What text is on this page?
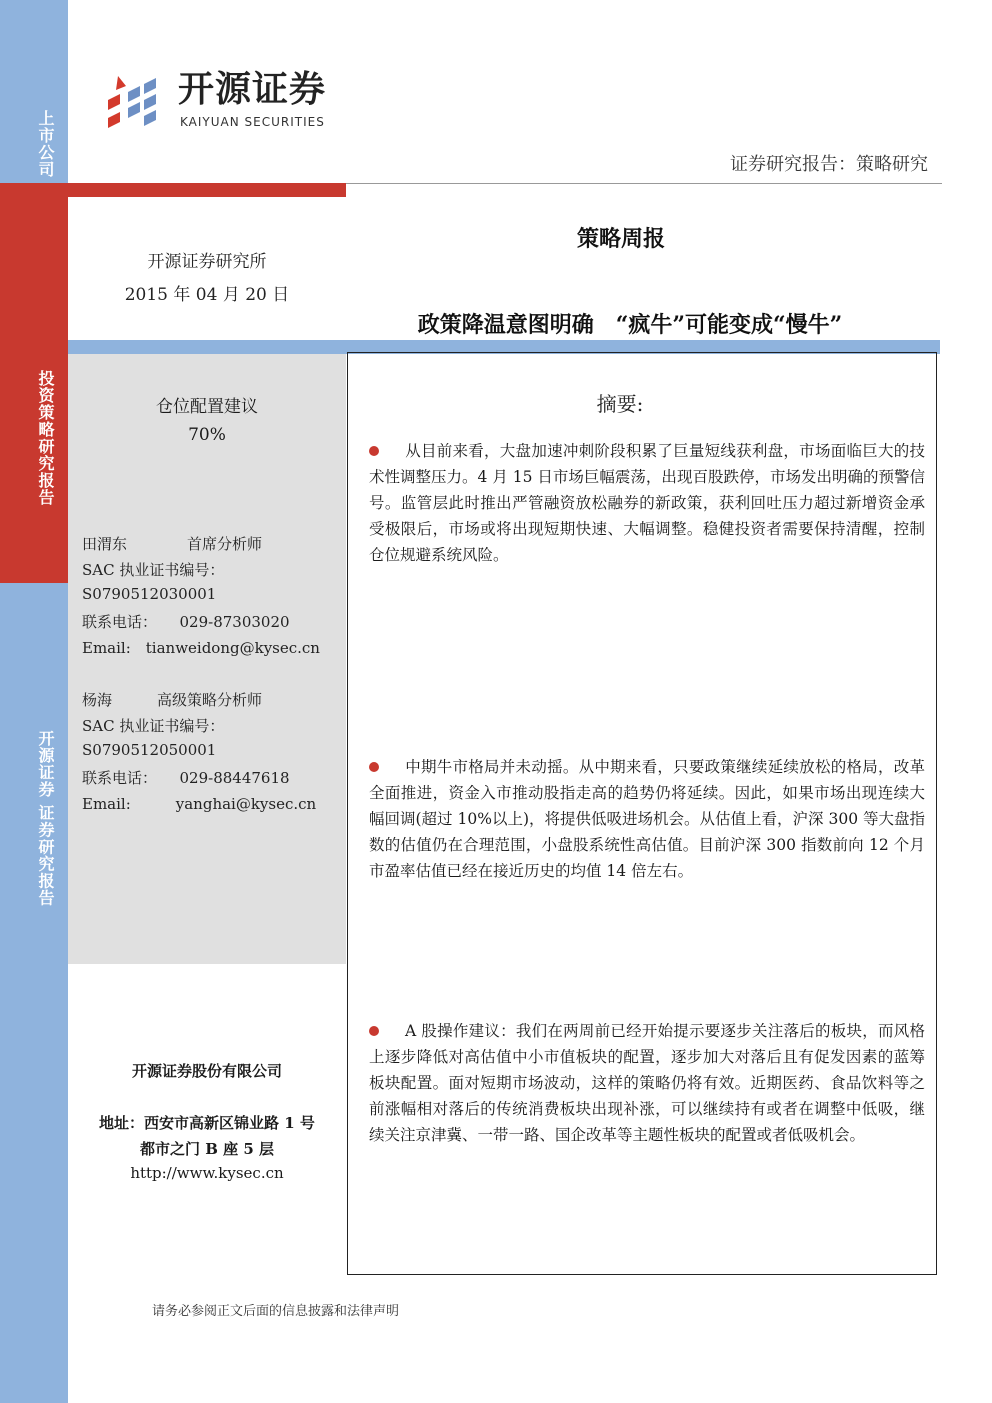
上市公司
投资策略研究报告
开源证券 证券研究报告
开源证券
KAIYUAN SECURITIES
证券研究报告：策略研究
开源证券研究所
2015 年 04 月 20 日
策略周报
政策降温意图明确　“疯牛”可能变成“慢牛”
仓位配置建议
70%
田渭东　　　　首席分析师
SAC 执业证书编号：
S0790512030001
联系电话：　　029-87303020
Email:　tianweidong@kysec.cn
杨海　　　高级策略分析师
SAC 执业证书编号：
S0790512050001
联系电话：　　029-88447618
Email:　　　yanghai@kysec.cn
开源证券股份有限公司
地址：西安市高新区锦业路 1 号
都市之门 B 座 5 层
http://www.kysec.cn
摘要:
从目前来看，大盘加速冲刺阶段积累了巨量短线获利盘，市场面临巨大的技术性调整压力。4 月 15 日市场巨幅震荡，出现百股跌停，市场发出明确的预警信号。监管层此时推出严管融资放松融券的新政策，获利回吐压力超过新增资金承受极限后，市场或将出现短期快速、大幅调整。稳健投资者需要保持清醒，控制仓位规避系统风险。
中期牛市格局并未动摇。从中期来看，只要政策继续延续放松的格局，改革全面推进，资金入市推动股指走高的趋势仍将延续。因此，如果市场出现连续大幅回调(超过 10%以上)，将提供低吸进场机会。从估值上看，沪深 300 等大盘指数的估值仍在合理范围，小盘股系统性高估值。目前沪深 300 指数前向 12 个月市盈率估值已经在接近历史的均值 14 倍左右。
A 股操作建议：我们在两周前已经开始提示要逐步关注落后的板块，而风格上逐步降低对高估值中小市值板块的配置，逐步加大对落后且有促发因素的蓝筹板块配置。面对短期市场波动，这样的策略仍将有效。近期医药、食品饮料等之前涨幅相对落后的传统消费板块出现补涨，可以继续持有或者在调整中低吸，继续关注京津冀、一带一路、国企改革等主题性板块的配置或者低吸机会。
请务必参阅正文后面的信息披露和法律声明
